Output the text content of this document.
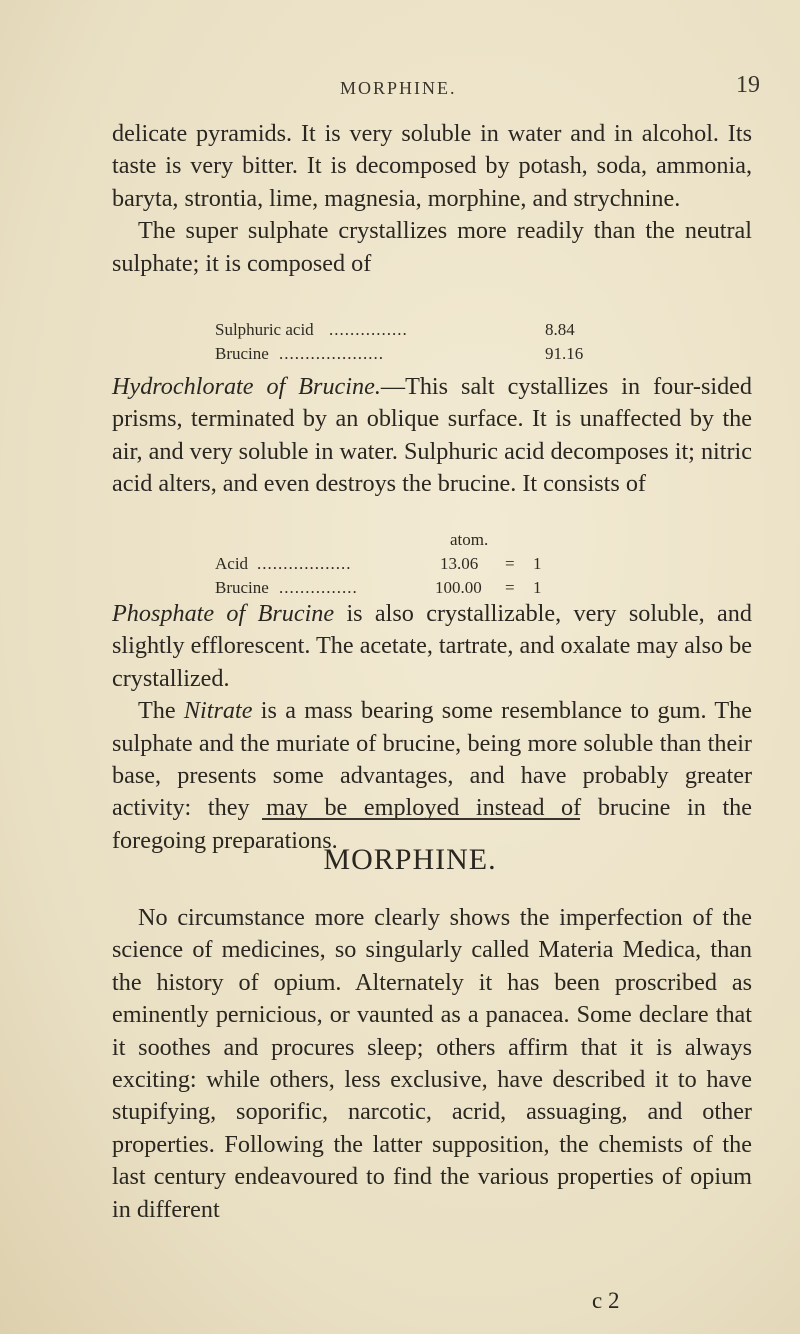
MORPHINE.	19

delicate pyramids. It is very soluble in water and in alcohol. Its taste is very bitter. It is decomposed by potash, soda, ammonia, baryta, strontia, lime, magnesia, morphine, and strychnine.

The super sulphate crystallizes more readily than the neutral sulphate; it is composed of

Sulphuric acid ...............	8.84
Brucine ....................	91.16

Hydrochlorate of Brucine.—This salt cystallizes in four-sided prisms, terminated by an oblique surface. It is unaffected by the air, and very soluble in water. Sulphuric acid decomposes it; nitric acid alters, and even destroys the brucine. It consists of

atom.
Acid ..................	13.06 = 1
Brucine ...............	100.00 = 1

Phosphate of Brucine is also crystallizable, very soluble, and slightly efflorescent. The acetate, tartrate, and oxalate may also be crystallized.

The Nitrate is a mass bearing some resemblance to gum. The sulphate and the muriate of brucine, being more soluble than their base, presents some advantages, and have probably greater activity: they may be employed instead of brucine in the foregoing preparations.

MORPHINE.

No circumstance more clearly shows the imperfection of the science of medicines, so singularly called Materia Medica, than the history of opium. Alternately it has been proscribed as eminently pernicious, or vaunted as a panacea. Some declare that it soothes and procures sleep; others affirm that it is always exciting: while others, less exclusive, have described it to have stupifying, soporific, narcotic, acrid, assuaging, and other properties. Following the latter supposition, the chemists of the last century endeavoured to find the various properties of opium in different

c 2
